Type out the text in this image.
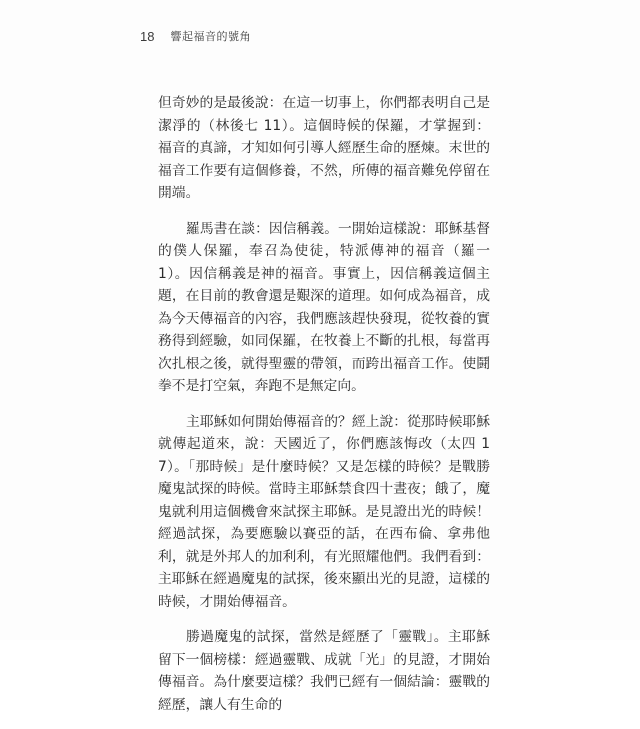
18 響起福音的號角

但奇妙的是最後說：在這一切事上，你們都表明自己是潔淨的（林後七 11）。這個時候的保羅，才掌握到：福音的真諦，才知如何引導人經歷生命的歷煉。末世的福音工作要有這個修養，不然，所傳的福音難免停留在開端。

羅馬書在談：因信稱義。一開始這樣說：耶穌基督的僕人保羅，奉召為使徒，特派傳神的福音（羅一 1）。因信稱義是神的福音。事實上，因信稱義這個主題，在目前的教會還是艱深的道理。如何成為福音，成為今天傳福音的內容，我們應該趕快發現，從牧養的實務得到經驗，如同保羅，在牧養上不斷的扎根，每當再次扎根之後，就得聖靈的帶領，而跨出福音工作。使鬪拳不是打空氣，奔跑不是無定向。

主耶穌如何開始傳福音的？經上說：從那時候耶穌就傳起道來，說：天國近了，你們應該悔改（太四 17）。「那時候」是什麼時候？又是怎樣的時候？是戰勝魔鬼試探的時候。當時主耶穌禁食四十晝夜；餓了，魔鬼就利用這個機會來試探主耶穌。是見證出光的時候！經過試探，為要應驗以賽亞的話，在西布倫、拿弗他利，就是外邦人的加利利，有光照耀他們。我們看到：主耶穌在經過魔鬼的試探，後來顯出光的見證，這樣的時候，才開始傳福音。

勝過魔鬼的試探，當然是經歷了「靈戰」。主耶穌留下一個榜樣：經過靈戰、成就「光」的見證，才開始傳福音。為什麼要這樣？我們已經有一個結論：靈戰的經歷，讓人有生命的
